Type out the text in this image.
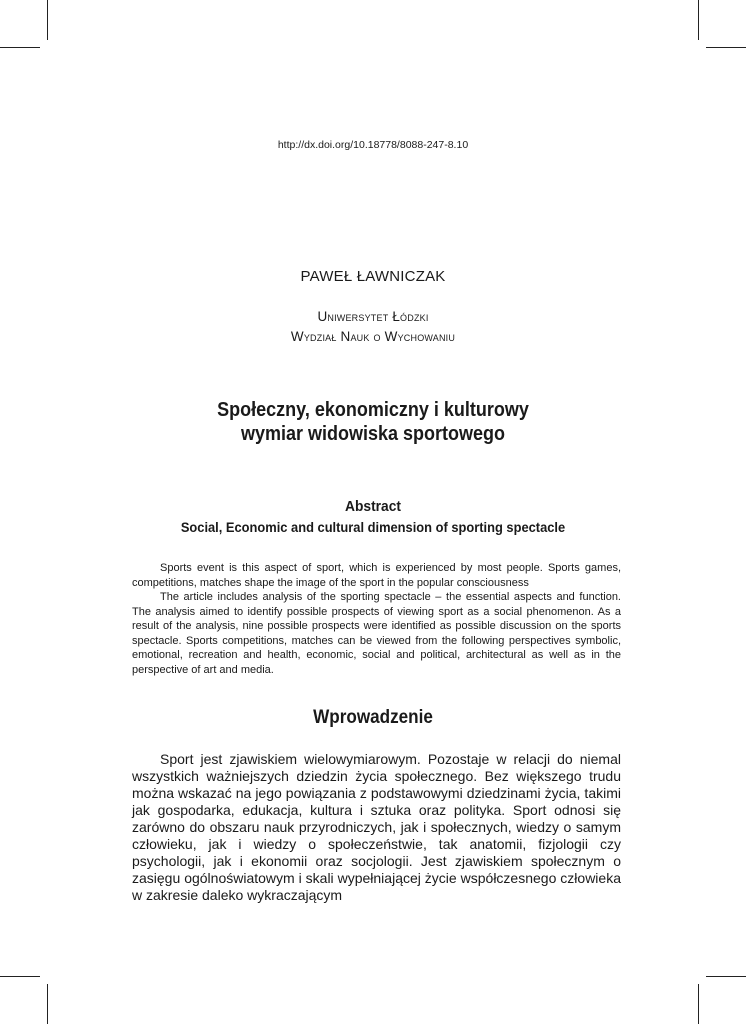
http://dx.doi.org/10.18778/8088-247-8.10
PAWEŁ ŁAWNICZAK
Uniwersytet Łódzki
Wydział Nauk o Wychowaniu
Społeczny, ekonomiczny i kulturowy
wymiar widowiska sportowego
Abstract
Social, Economic and cultural dimension of sporting spectacle

Sports event is this aspect of sport, which is experienced by most people. Sports games, competitions, matches shape the image of the sport in the popular consciousness

The article includes analysis of the sporting spectacle – the essential aspects and function. The analysis aimed to identify possible prospects of viewing sport as a social phenomenon. As a result of the analysis, nine possible prospects were identified as possible discussion on the sports spectacle. Sports competitions, matches can be viewed from the following perspectives symbolic, emotional, recreation and health, economic, social and political, architectural as well as in the perspective of art and media.

Wprowadzenie

Sport jest zjawiskiem wielowymiarowym. Pozostaje w relacji do niemal wszystkich ważniejszych dziedzin życia społecznego. Bez większego trudu można wskazać na jego powiązania z podstawowymi dziedzinami życia, takimi jak gospodarka, edukacja, kultura i sztuka oraz polityka. Sport odnosi się zarówno do obszaru nauk przyrodniczych, jak i społecznych, wiedzy o samym człowieku, jak i wiedzy o społeczeństwie, tak anatomii, fizjologii czy psychologii, jak i ekonomii oraz socjologii. Jest zjawiskiem społecznym o zasięgu ogólnoświatowym i skali wypełniającej życie współczesnego człowieka w zakresie daleko wykraczającym
